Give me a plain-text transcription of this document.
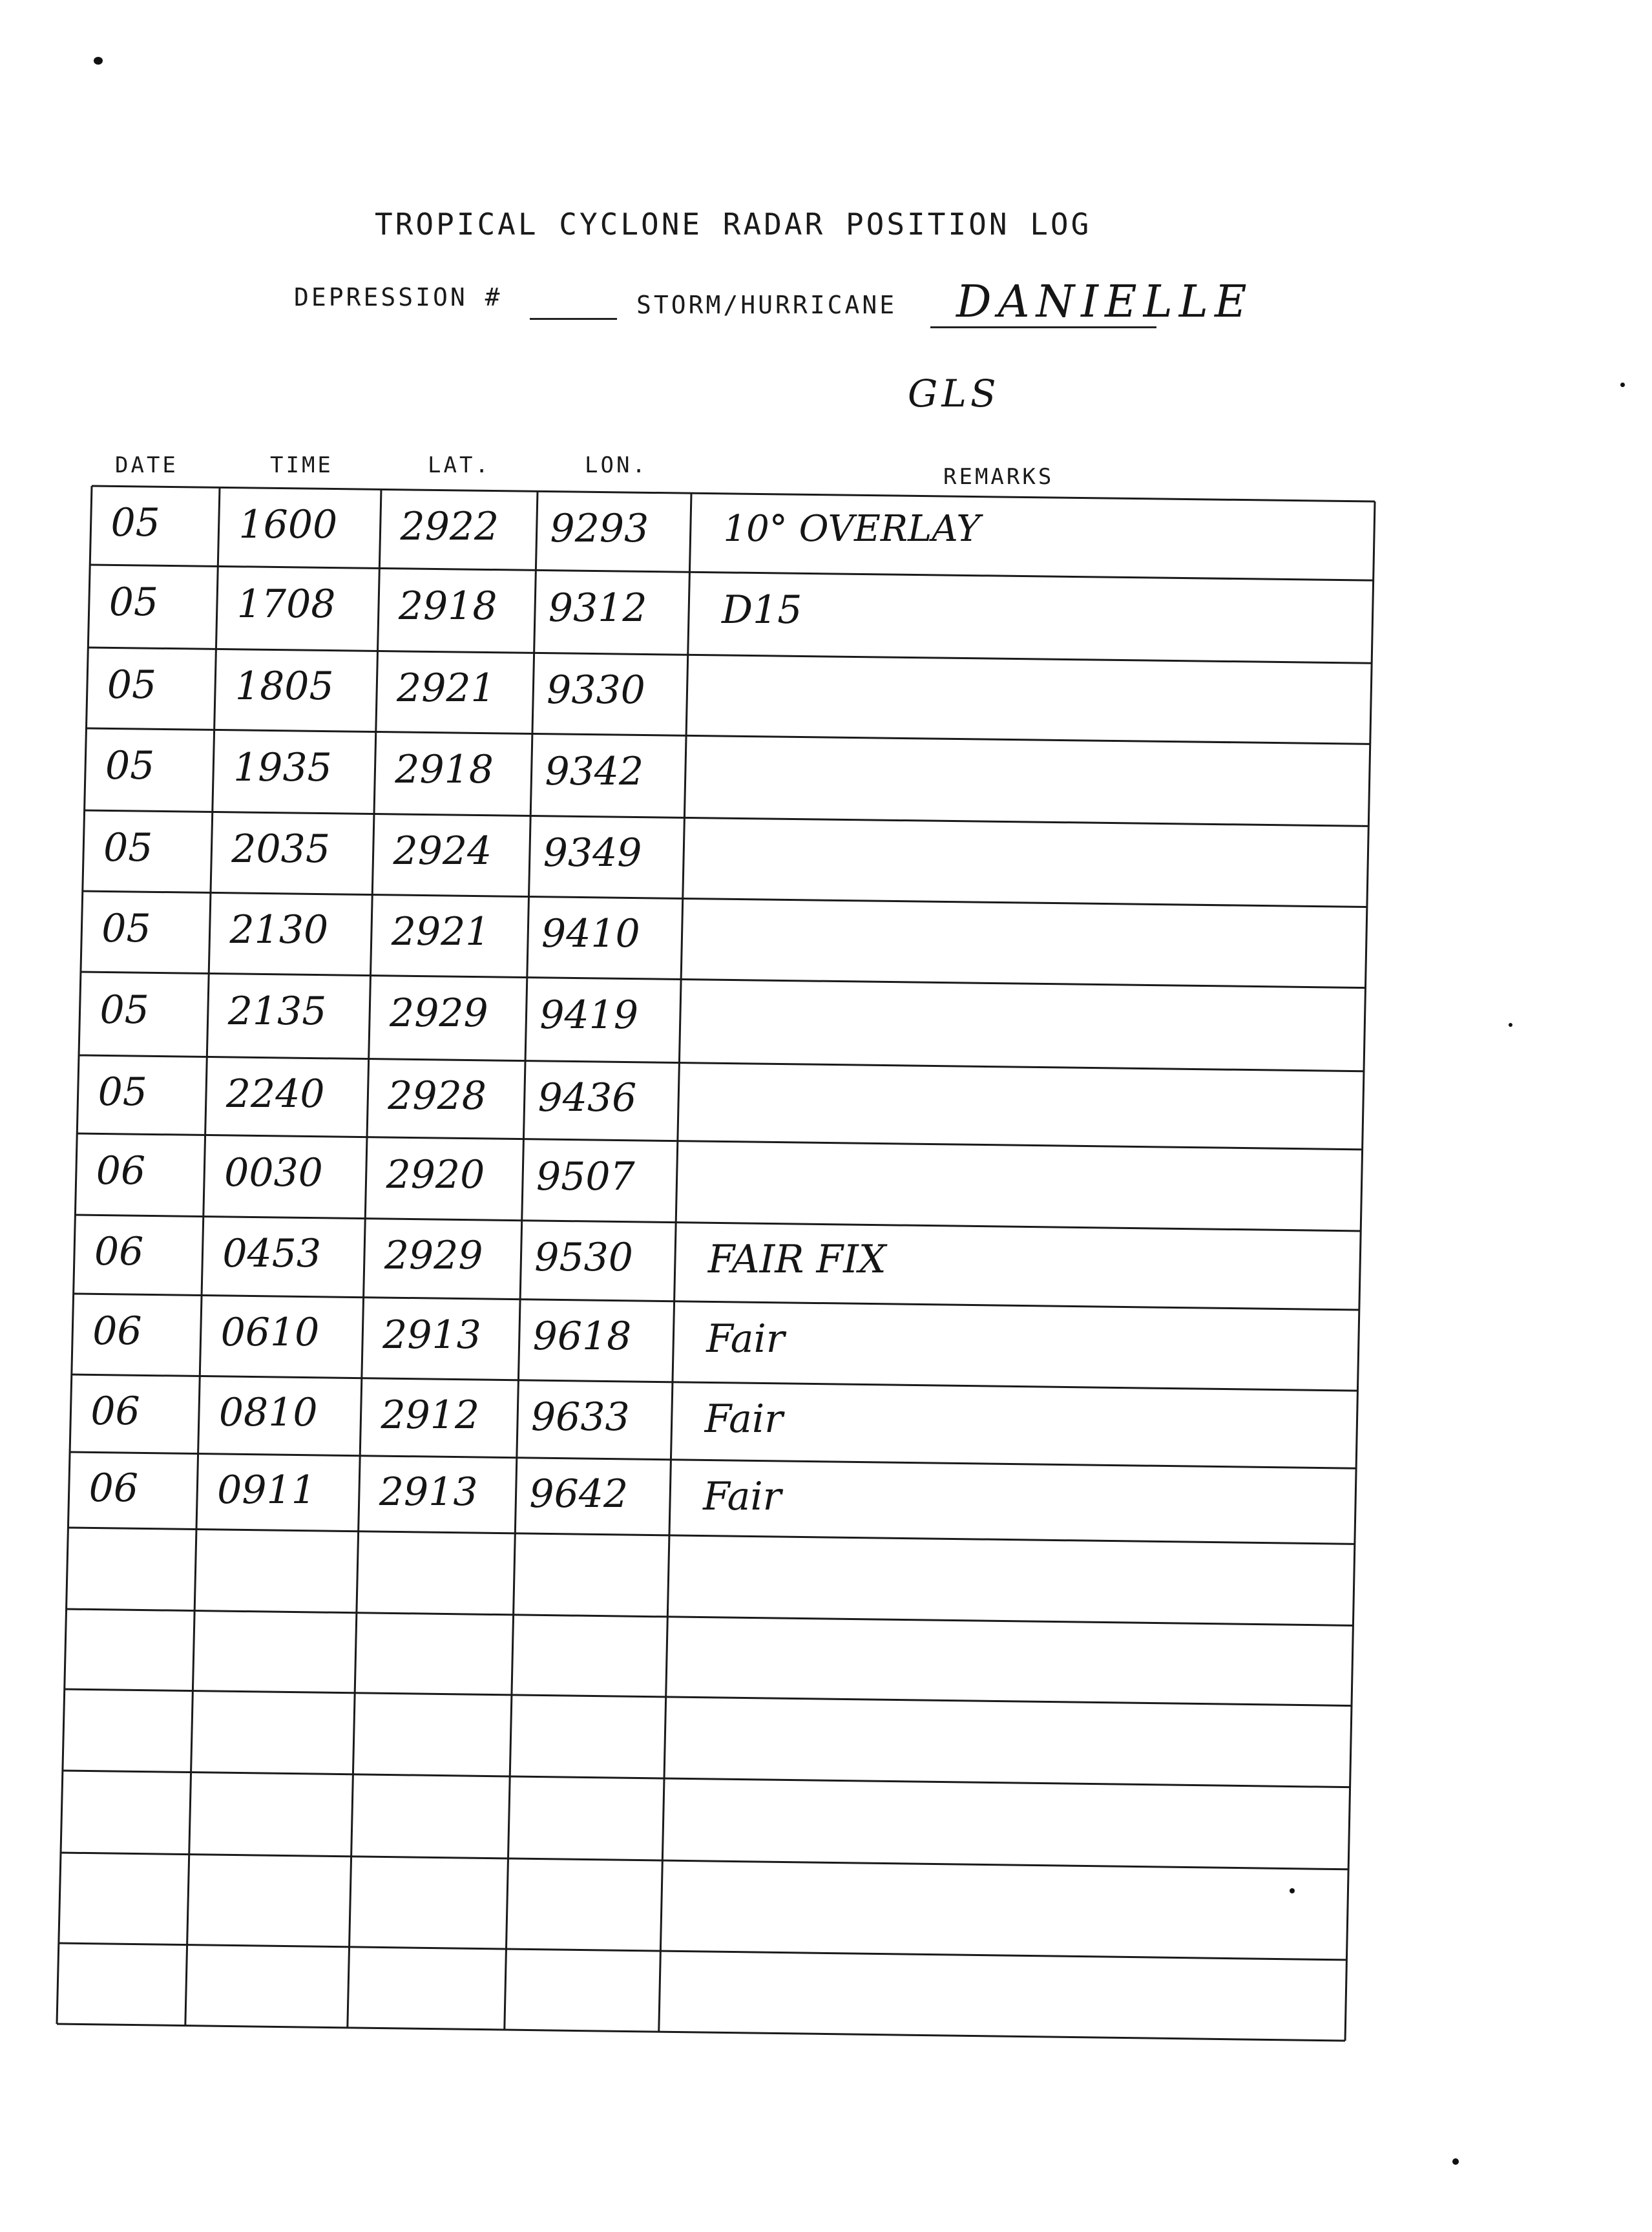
TROPICAL CYCLONE RADAR POSITION LOG
DEPRESSION #	STORM/HURRICANE DANIELLE
GLS
DATE	TIME	LAT.	LON.	REMARKS
05 1600 2922 9293 10° OVERLAY
05 1708 2918 9312 D15
05 1805 2921 9330
05 1935 2918 9342
05 2035 2924 9349
05 2130 2921 9410
05 2135 2929 9419
05 2240 2928 9436
06 0030 2920 9507
06 0453 2929 9530 FAIR FIX
06 0610 2913 9618 Fair
06 0810 2912 9633 Fair
06 0911 2913 9642 Fair
